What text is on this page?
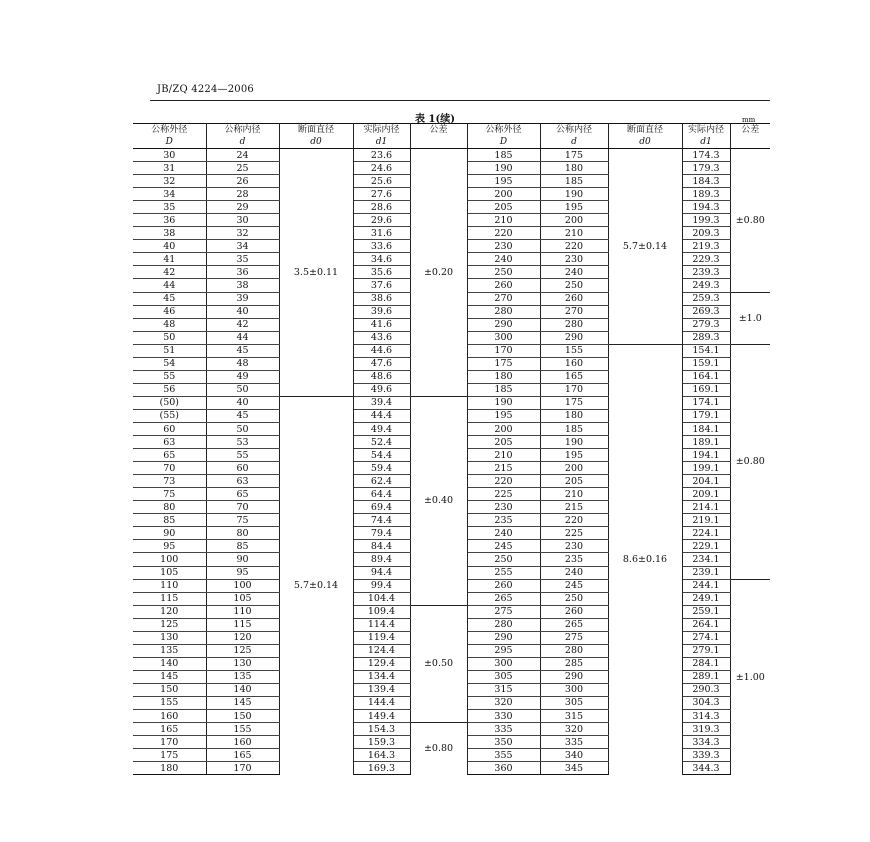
JB/ZQ 4224—2006
表 1(续)	mm
公称外径	公称内径	断面直径	实际内径	公差	公称外径	公称内径	断面直径	实际内径	公差
D	d	d0	d1		D	d	d0	d1	
30	24	3.5±0.11	23.6	±0.20	185	175	5.7±0.14	174.3	±0.80
31	25		24.6		190	180		179.3	
32	26		25.6		195	185		184.3	
34	28		27.6		200	190		189.3	
35	29		28.6		205	195		194.3	
36	30		29.6		210	200		199.3	
38	32		31.6		220	210		209.3	
40	34		33.6		230	220		219.3	
41	35		34.6		240	230		229.3	
42	36		35.6		250	240		239.3	
44	38		37.6		260	250		249.3	
45	39		38.6		270	260		259.3	±1.0
46	40		39.6		280	270		269.3	
48	42		41.6		290	280		279.3	
50	44		43.6		300	290		289.3	
51	45		44.6		170	155	8.6±0.16	154.1	±0.80
54	48		47.6		175	160		159.1	
55	49		48.6		180	165		164.1	
56	50		49.6		185	170		169.1	
(50)	40	5.7±0.14	39.4	±0.40	190	175		174.1	
(55)	45		44.4		195	180		179.1	
60	50		49.4		200	185		184.1	
63	53		52.4		205	190		189.1	
65	55		54.4		210	195		194.1	
70	60		59.4		215	200		199.1	
73	63		62.4		220	205		204.1	
75	65		64.4		225	210		209.1	
80	70		69.4		230	215		214.1	
85	75		74.4		235	220		219.1	
90	80		79.4		240	225		224.1	
95	85		84.4		245	230		229.1	
100	90		89.4		250	235		234.1	
105	95		94.4		255	240		239.1	
110	100		99.4		260	245		244.1	±1.00
115	105		104.4		265	250		249.1	
120	110		109.4	±0.50	275	260		259.1	
125	115		114.4		280	265		264.1	
130	120		119.4		290	275		274.1	
135	125		124.4		295	280		279.1	
140	130		129.4		300	285		284.1	
145	135		134.4		305	290		289.1	
150	140		139.4		315	300		290.3	
155	145		144.4		320	305		304.3	
160	150		149.4		330	315		314.3	
165	155		154.3	±0.80	335	320		319.3	
170	160		159.3		350	335		334.3	
175	165		164.3		355	340		339.3	
180	170		169.3		360	345		344.3	
